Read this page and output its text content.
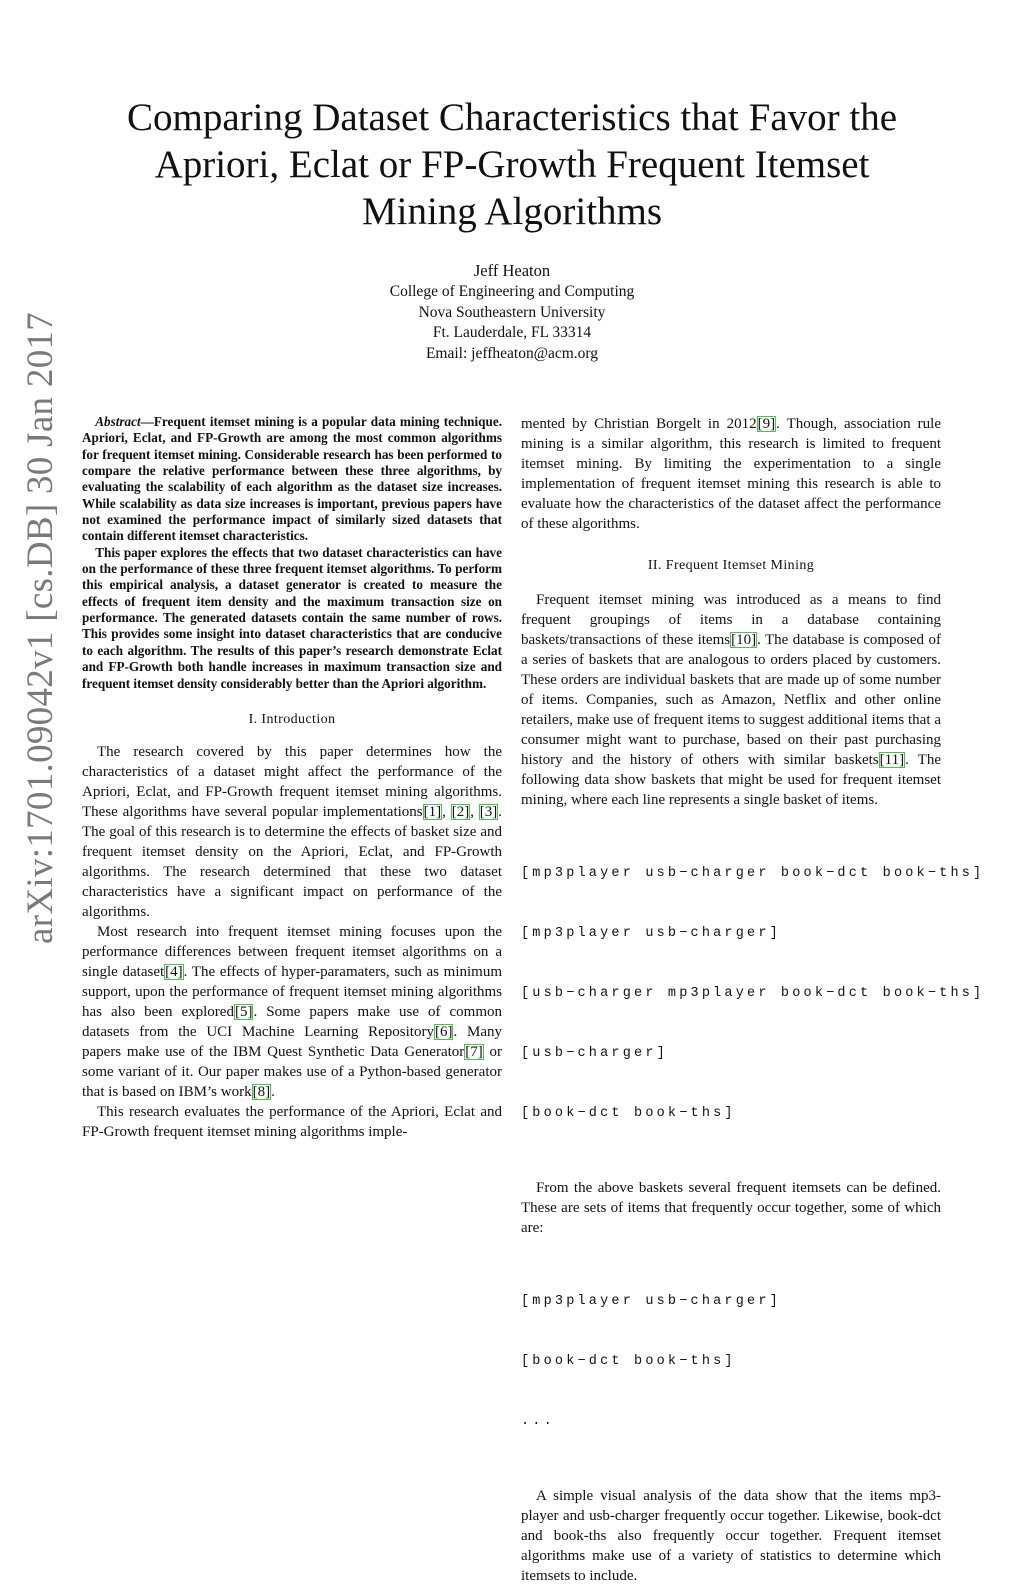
arXiv:1701.09042v1 [cs.DB] 30 Jan 2017
Comparing Dataset Characteristics that Favor the
Apriori, Eclat or FP-Growth Frequent Itemset
Mining Algorithms
Jeff Heaton
College of Engineering and Computing
Nova Southeastern University
Ft. Lauderdale, FL 33314
Email: jeffheaton@acm.org

Abstract—Frequent itemset mining is a popular data mining technique. Apriori, Eclat, and FP-Growth are among the most common algorithms for frequent itemset mining. Considerable research has been performed to compare the relative performance between these three algorithms, by evaluating the scalability of each algorithm as the dataset size increases. While scalability as data size increases is important, previous papers have not examined the performance impact of similarly sized datasets that contain different itemset characteristics.

This paper explores the effects that two dataset characteristics can have on the performance of these three frequent itemset algorithms. To perform this empirical analysis, a dataset generator is created to measure the effects of frequent item density and the maximum transaction size on performance. The generated datasets contain the same number of rows. This provides some insight into dataset characteristics that are conducive to each algorithm. The results of this paper’s research demonstrate Eclat and FP-Growth both handle increases in maximum transaction size and frequent itemset density considerably better than the Apriori algorithm.

I. Introduction

The research covered by this paper determines how the characteristics of a dataset might affect the performance of the Apriori, Eclat, and FP-Growth frequent itemset mining algorithms. These algorithms have several popular implementations[1], [2], [3]. The goal of this research is to determine the effects of basket size and frequent itemset density on the Apriori, Eclat, and FP-Growth algorithms. The research determined that these two dataset characteristics have a significant impact on performance of the algorithms.

Most research into frequent itemset mining focuses upon the performance differences between frequent itemset algorithms on a single dataset[4]. The effects of hyper-paramaters, such as minimum support, upon the performance of frequent itemset mining algorithms has also been explored[5]. Some papers make use of common datasets from the UCI Machine Learning Repository[6]. Many papers make use of the IBM Quest Synthetic Data Generator[7] or some variant of it. Our paper makes use of a Python-based generator that is based on IBM’s work[8].

This research evaluates the performance of the Apriori, Eclat and FP-Growth frequent itemset mining algorithms imple-

mented by Christian Borgelt in 2012[9]. Though, association rule mining is a similar algorithm, this research is limited to frequent itemset mining. By limiting the experimentation to a single implementation of frequent itemset mining this research is able to evaluate how the characteristics of the dataset affect the performance of these algorithms.

II. Frequent Itemset Mining

Frequent itemset mining was introduced as a means to find frequent groupings of items in a database containing baskets/transactions of these items[10]. The database is composed of a series of baskets that are analogous to orders placed by customers. These orders are individual baskets that are made up of some number of items. Companies, such as Amazon, Netflix and other online retailers, make use of frequent items to suggest additional items that a consumer might want to purchase, based on their past purchasing history and the history of others with similar baskets[11]. The following data show baskets that might be used for frequent itemset mining, where each line represents a single basket of items.

[mp3player usb−charger book−dct book−ths]

[mp3player usb−charger]

[usb−charger mp3player book−dct book−ths]

[usb−charger]

[book−dct book−ths]

From the above baskets several frequent itemsets can be defined. These are sets of items that frequently occur together, some of which are:

[mp3player usb−charger]

[book−dct book−ths]

...

A simple visual analysis of the data show that the items mp3-player and usb-charger frequently occur together. Likewise, book-dct and book-ths also frequently occur together. Frequent itemset algorithms make use of a variety of statistics to determine which itemsets to include.
